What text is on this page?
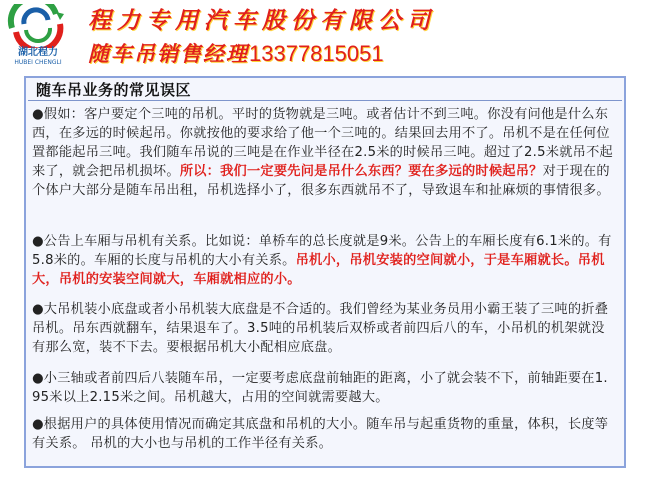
湖北程力
HUBEI CHENGLI
程力专用汽车股份有限公司
随车吊销售经理13377815051
随车吊业务的常见误区
●假如：客户要定个三吨的吊机。平时的货物就是三吨。或者估计不到三吨。你没有问他是什么东西，在多远的时候起吊。你就按他的要求给了他一个三吨的。结果回去用不了。吊机不是在任何位置都能起吊三吨。我们随车吊说的三吨是在作业半径在2.5米的时候吊三吨。超过了2.5米就吊不起来了，就会把吊机损坏。所以：我们一定要先问是吊什么东西？要在多远的时候起吊？对于现在的个体户大部分是随车吊出租，吊机选择小了，很多东西就吊不了，导致退车和扯麻烦的事情很多。
●公告上车厢与吊机有关系。比如说：单桥车的总长度就是9米。公告上的车厢长度有6.1米的。有5.8米的。车厢的长度与吊机的大小有关系。吊机小，吊机安装的空间就小，于是车厢就长。吊机大，吊机的安装空间就大，车厢就相应的小。
●大吊机装小底盘或者小吊机装大底盘是不合适的。我们曾经为某业务员用小霸王装了三吨的折叠吊机。吊东西就翻车，结果退车了。3.5吨的吊机装后双桥或者前四后八的车，小吊机的机架就没有那么宽，装不下去。要根据吊机大小配相应底盘。
●小三轴或者前四后八装随车吊，一定要考虑底盘前轴距的距离，小了就会装不下，前轴距要在1.95米以上2.15米之间。吊机越大，占用的空间就需要越大。
●根据用户的具体使用情况而确定其底盘和吊机的大小。随车吊与起重货物的重量，体积，长度等有关系。 吊机的大小也与吊机的工作半径有关系。
